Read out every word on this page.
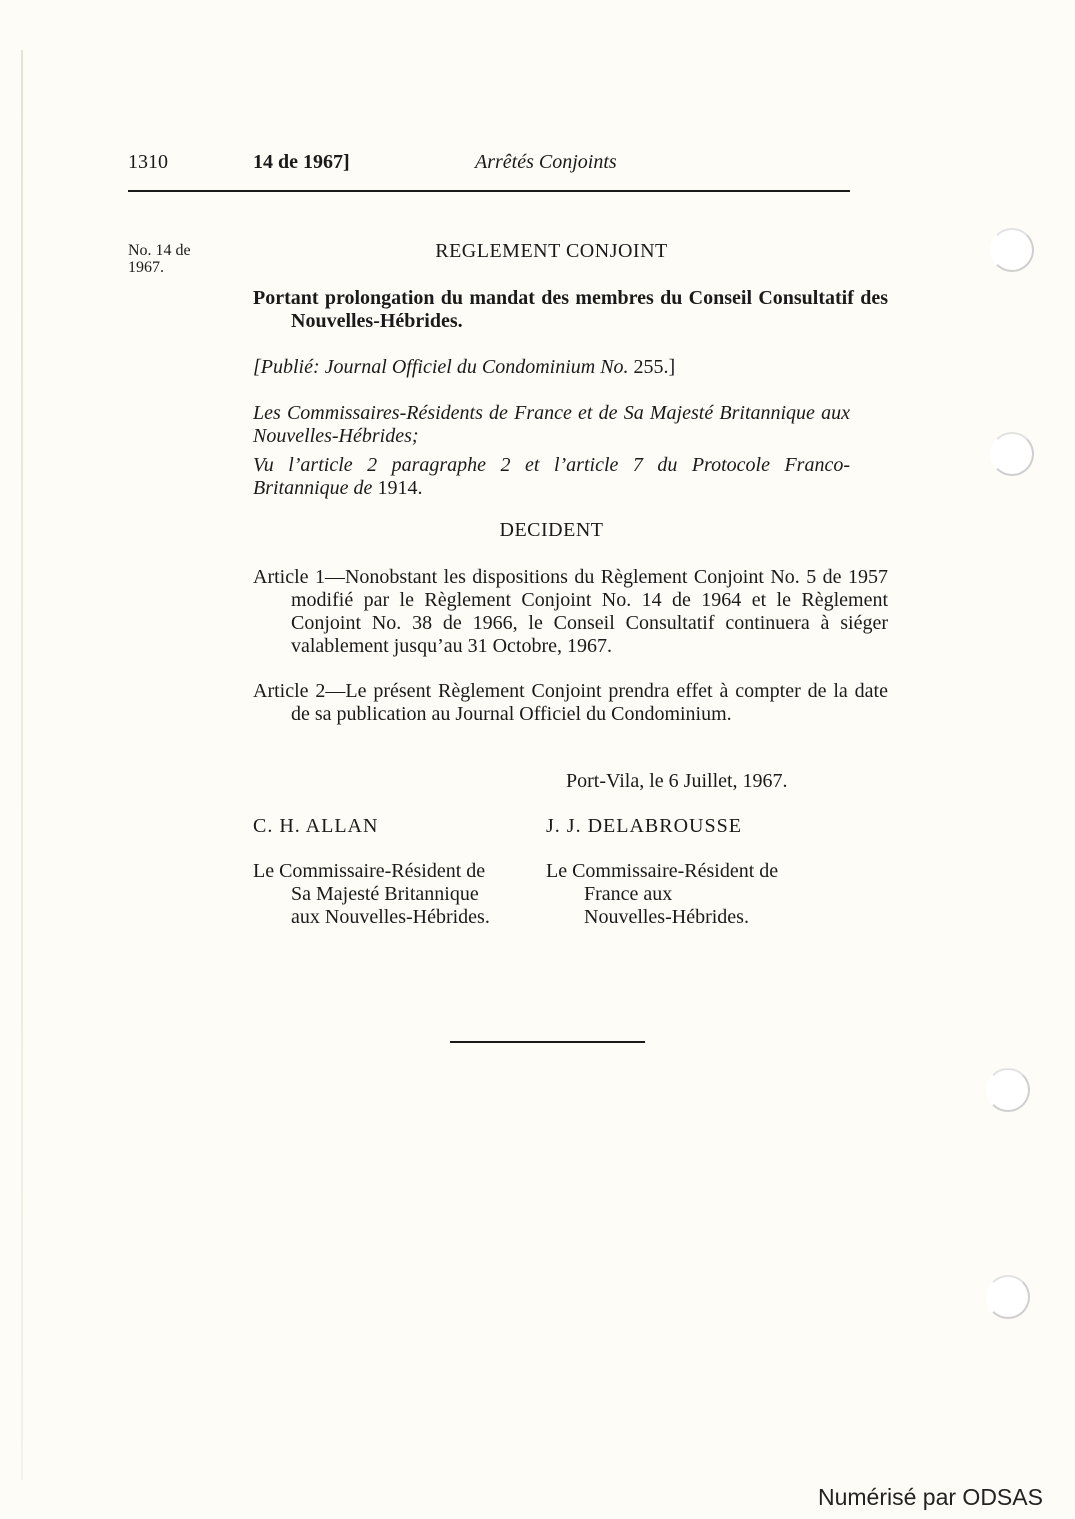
1310	14 de 1967]	Arrêtés Conjoints
No. 14 de
1967.
REGLEMENT CONJOINT
Portant prolongation du mandat des membres du Conseil Consultatif des Nouvelles-Hébrides.
[Publié: Journal Officiel du Condominium No. 255.]
Les Commissaires-Résidents de France et de Sa Majesté Britannique aux Nouvelles-Hébrides;
Vu l’article 2 paragraphe 2 et l’article 7 du Protocole Franco-Britannique de 1914.
DECIDENT
Article 1—Nonobstant les dispositions du Règlement Conjoint No. 5 de 1957 modifié par le Règlement Conjoint No. 14 de 1964 et le Règlement Conjoint No. 38 de 1966, le Conseil Consultatif continuera à siéger valablement jusqu’au 31 Octobre, 1967.
Article 2—Le présent Règlement Conjoint prendra effet à compter de la date de sa publication au Journal Officiel du Condominium.
Port-Vila, le 6 Juillet, 1967.
C. H. ALLAN	J. J. DELABROUSSE
Le Commissaire-Résident de
Sa Majesté Britannique
aux Nouvelles-Hébrides.
Le Commissaire-Résident de
France aux
Nouvelles-Hébrides.
Numérisé par ODSAS
